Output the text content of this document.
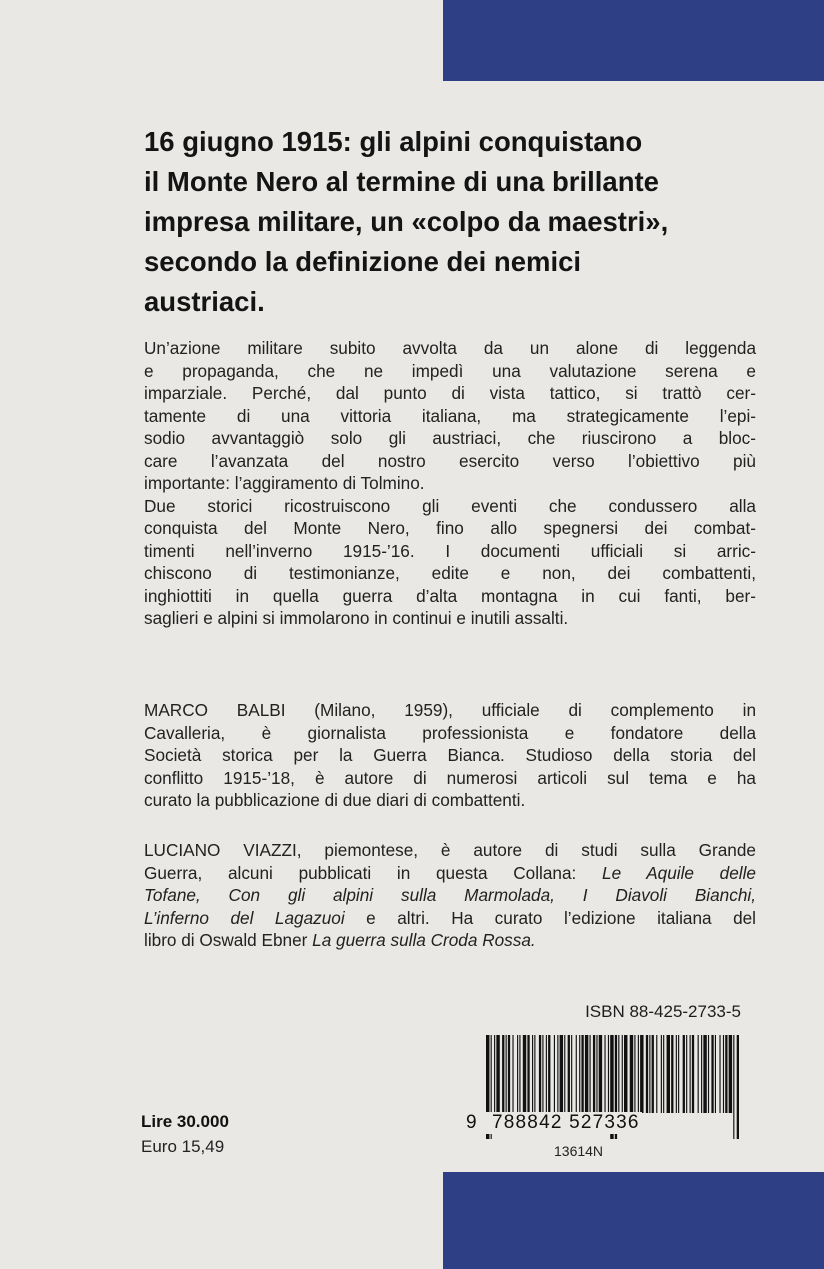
16 giugno 1915: gli alpini conquistano
il Monte Nero al termine di una brillante
impresa militare, un «colpo da maestri»,
secondo la definizione dei nemici
austriaci.
Un’azione militare subito avvolta da un alone di leggenda
e propaganda, che ne impedì una valutazione serena e
imparziale. Perché, dal punto di vista tattico, si trattò cer-
tamente di una vittoria italiana, ma strategicamente l’epi-
sodio avvantaggiò solo gli austriaci, che riuscirono a bloc-
care l’avanzata del nostro esercito verso l’obiettivo più
importante: l’aggiramento di Tolmino.
Due storici ricostruiscono gli eventi che condussero alla
conquista del Monte Nero, fino allo spegnersi dei combat-
timenti nell’inverno 1915-’16. I documenti ufficiali si arric-
chiscono di testimonianze, edite e non, dei combattenti,
inghiottiti in quella guerra d’alta montagna in cui fanti, ber-
saglieri e alpini si immolarono in continui e inutili assalti.
MARCO BALBI (Milano, 1959), ufficiale di complemento in
Cavalleria, è giornalista professionista e fondatore della
Società storica per la Guerra Bianca. Studioso della storia del
conflitto 1915-’18, è autore di numerosi articoli sul tema e ha
curato la pubblicazione di due diari di combattenti.
LUCIANO VIAZZI, piemontese, è autore di studi sulla Grande
Guerra, alcuni pubblicati in questa Collana: Le Aquile delle
Tofane, Con gli alpini sulla Marmolada, I Diavoli Bianchi,
L’inferno del Lagazuoi e altri. Ha curato l’edizione italiana del
libro di Oswald Ebner La guerra sulla Croda Rossa.
ISBN 88-425-2733-5
9 788842 527336
13614N
Lire 30.000
Euro 15,49
